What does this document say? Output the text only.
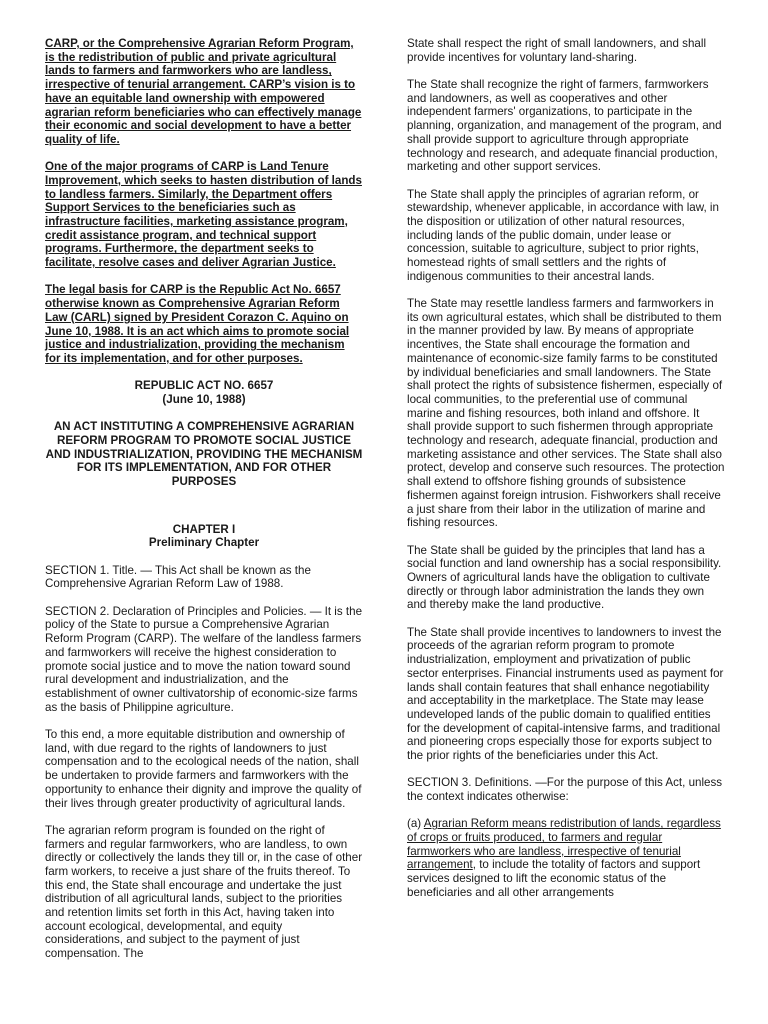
CARP, or the Comprehensive Agrarian Reform Program, is the redistribution of public and private agricultural lands to farmers and farmworkers who are landless, irrespective of tenurial arrangement. CARP’s vision is to have an equitable land ownership with empowered agrarian reform beneficiaries who can effectively manage their economic and social development to have a better quality of life.

One of the major programs of CARP is Land Tenure Improvement, which seeks to hasten distribution of lands to landless farmers. Similarly, the Department offers Support Services to the beneficiaries such as infrastructure facilities, marketing assistance program, credit assistance program, and technical support programs. Furthermore, the department seeks to facilitate, resolve cases and deliver Agrarian Justice.

The legal basis for CARP is the Republic Act No. 6657 otherwise known as Comprehensive Agrarian Reform Law (CARL) signed by President Corazon C. Aquino on June 10, 1988. It is an act which aims to promote social justice and industrialization, providing the mechanism for its implementation, and for other purposes.

REPUBLIC ACT NO. 6657
(June 10, 1988)

AN ACT INSTITUTING A COMPREHENSIVE AGRARIAN REFORM PROGRAM TO PROMOTE SOCIAL JUSTICE AND INDUSTRIALIZATION, PROVIDING THE MECHANISM FOR ITS IMPLEMENTATION, AND FOR OTHER PURPOSES

CHAPTER I
Preliminary Chapter

SECTION 1. Title. — This Act shall be known as the Comprehensive Agrarian Reform Law of 1988.

SECTION 2. Declaration of Principles and Policies. — It is the policy of the State to pursue a Comprehensive Agrarian Reform Program (CARP). The welfare of the landless farmers and farmworkers will receive the highest consideration to promote social justice and to move the nation toward sound rural development and industrialization, and the establishment of owner cultivatorship of economic-size farms as the basis of Philippine agriculture.

To this end, a more equitable distribution and ownership of land, with due regard to the rights of landowners to just compensation and to the ecological needs of the nation, shall be undertaken to provide farmers and farmworkers with the opportunity to enhance their dignity and improve the quality of their lives through greater productivity of agricultural lands.

The agrarian reform program is founded on the right of farmers and regular farmworkers, who are landless, to own directly or collectively the lands they till or, in the case of other farm workers, to receive a just share of the fruits thereof. To this end, the State shall encourage and undertake the just distribution of all agricultural lands, subject to the priorities and retention limits set forth in this Act, having taken into account ecological, developmental, and equity considerations, and subject to the payment of just compensation. The

State shall respect the right of small landowners, and shall provide incentives for voluntary land-sharing.

The State shall recognize the right of farmers, farmworkers and landowners, as well as cooperatives and other independent farmers' organizations, to participate in the planning, organization, and management of the program, and shall provide support to agriculture through appropriate technology and research, and adequate financial production, marketing and other support services.

The State shall apply the principles of agrarian reform, or stewardship, whenever applicable, in accordance with law, in the disposition or utilization of other natural resources, including lands of the public domain, under lease or concession, suitable to agriculture, subject to prior rights, homestead rights of small settlers and the rights of indigenous communities to their ancestral lands.

The State may resettle landless farmers and farmworkers in its own agricultural estates, which shall be distributed to them in the manner provided by law. By means of appropriate incentives, the State shall encourage the formation and maintenance of economic-size family farms to be constituted by individual beneficiaries and small landowners. The State shall protect the rights of subsistence fishermen, especially of local communities, to the preferential use of communal marine and fishing resources, both inland and offshore. It shall provide support to such fishermen through appropriate technology and research, adequate financial, production and marketing assistance and other services. The State shall also protect, develop and conserve such resources. The protection shall extend to offshore fishing grounds of subsistence fishermen against foreign intrusion. Fishworkers shall receive a just share from their labor in the utilization of marine and fishing resources.

The State shall be guided by the principles that land has a social function and land ownership has a social responsibility. Owners of agricultural lands have the obligation to cultivate directly or through labor administration the lands they own and thereby make the land productive.

The State shall provide incentives to landowners to invest the proceeds of the agrarian reform program to promote industrialization, employment and privatization of public sector enterprises. Financial instruments used as payment for lands shall contain features that shall enhance negotiability and acceptability in the marketplace. The State may lease undeveloped lands of the public domain to qualified entities for the development of capital-intensive farms, and traditional and pioneering crops especially those for exports subject to the prior rights of the beneficiaries under this Act.

SECTION 3. Definitions. —For the purpose of this Act, unless the context indicates otherwise:

(a) Agrarian Reform means redistribution of lands, regardless of crops or fruits produced, to farmers and regular farmworkers who are landless, irrespective of tenurial arrangement, to include the totality of factors and support services designed to lift the economic status of the beneficiaries and all other arrangements
